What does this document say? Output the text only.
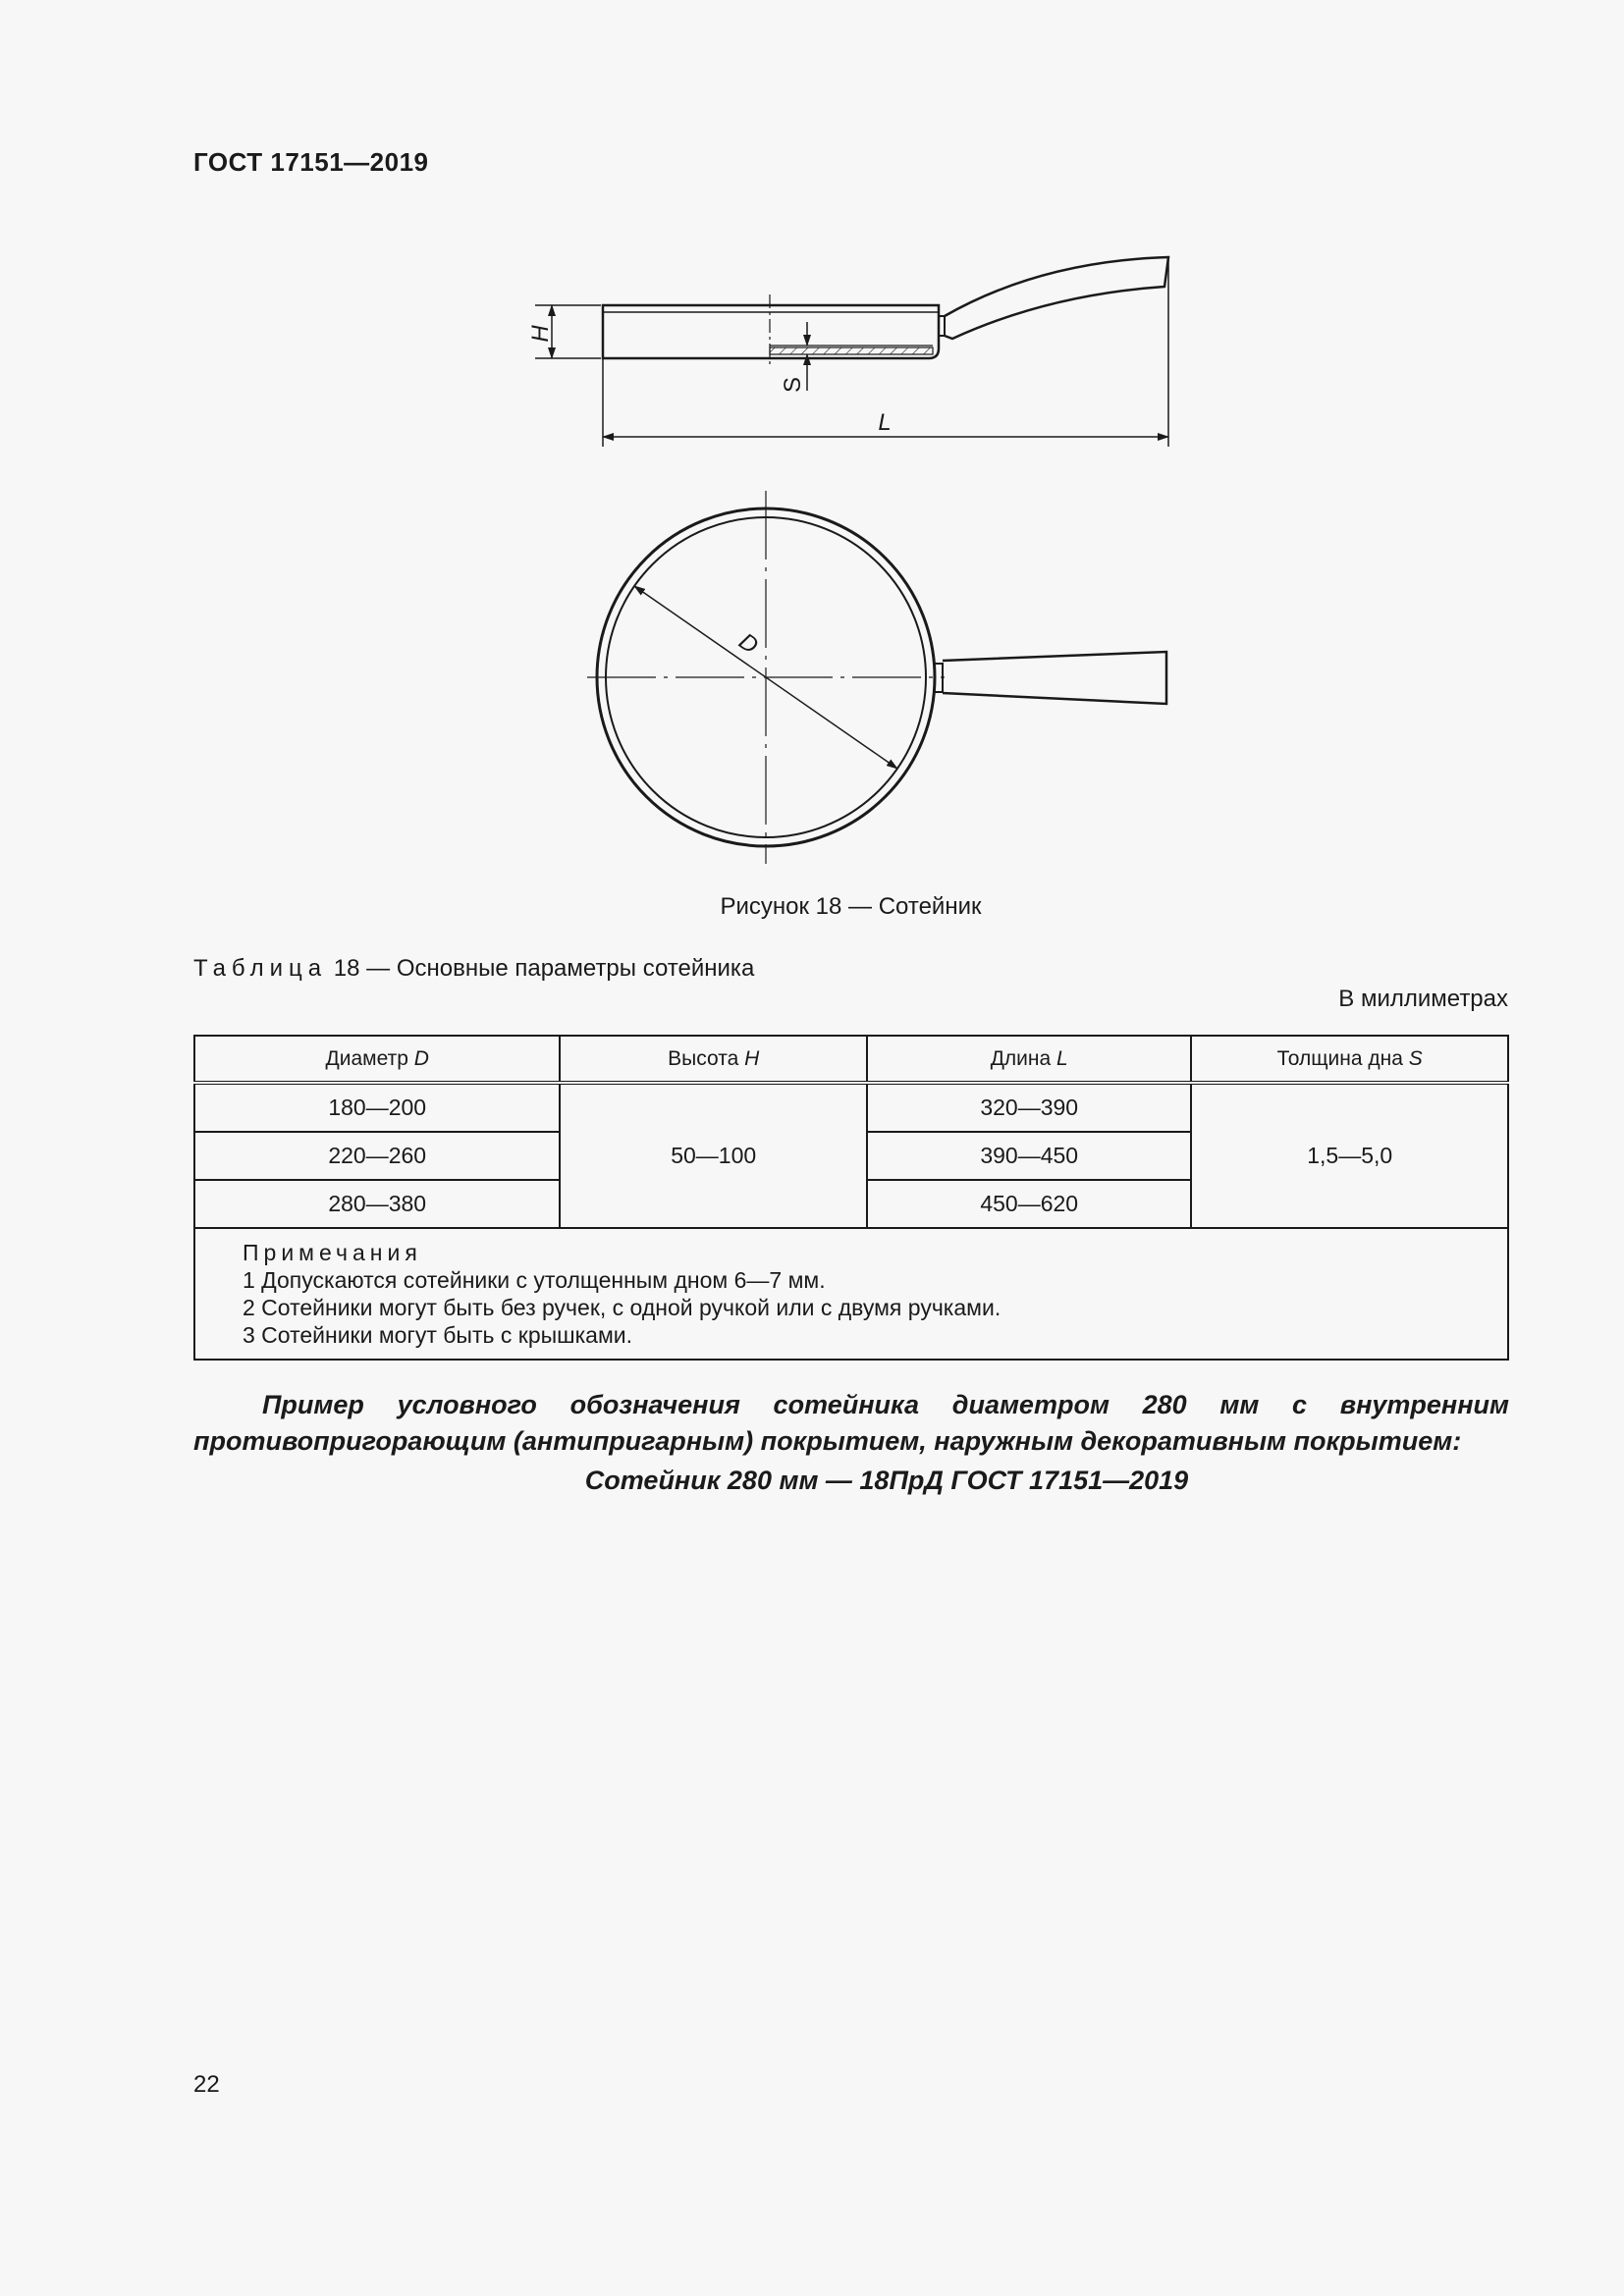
ГОСТ 17151—2019
H
S
L
D
Рисунок 18 — Сотейник
Таблица 18 — Основные параметры сотейника
В миллиметрах
Диаметр D	Высота H	Длина L	Толщина дна S
180—200	50—100	320—390	1,5—5,0
220—260		390—450	
280—380		450—620	

Примечания
1 Допускаются сотейники с утолщенным дном 6—7 мм.
2 Сотейники могут быть без ручек, с одной ручкой или с двумя ручками.
3 Сотейники могут быть с крышками.			
Пример условного обозначения сотейника диаметром 280 мм с внутренним противопригорающим (антипригарным) покрытием, наружным декоративным покрытием:
Сотейник 280 мм — 18ПрД ГОСТ 17151—2019
22
